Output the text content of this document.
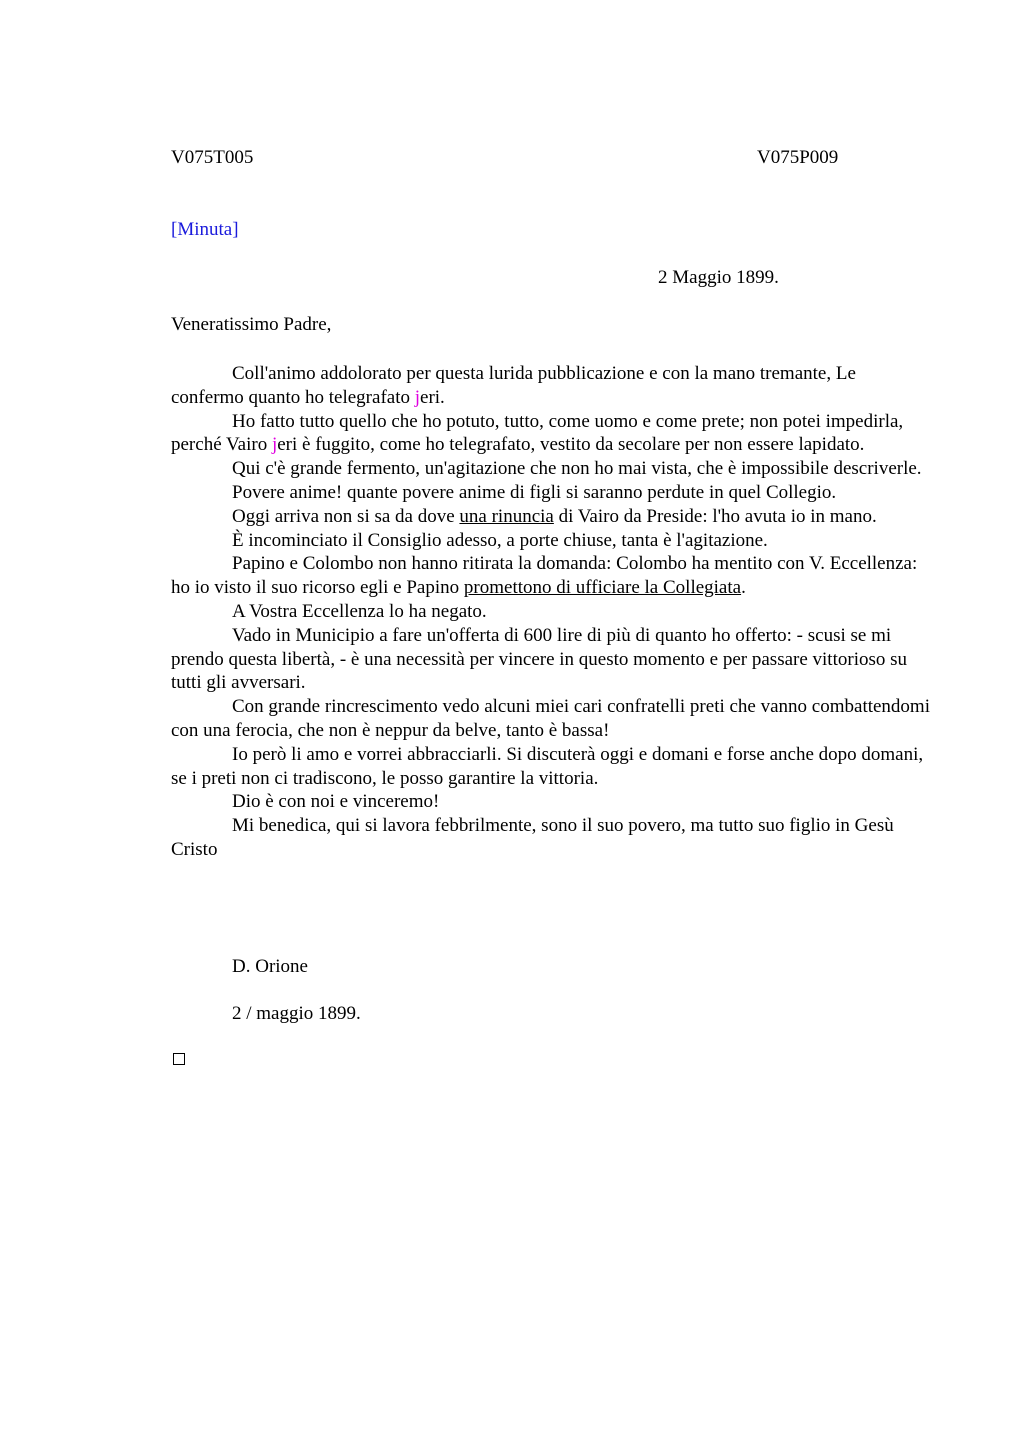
V075T005	V075P009
[Minuta]
2 Maggio 1899.
Veneratissimo Padre,

Coll'animo addolorato per questa lurida pubblicazione e con la mano tremante, Le confermo quanto ho telegrafato jeri.

Ho fatto tutto quello che ho potuto, tutto, come uomo e come prete; non potei impedirla, perché Vairo jeri è fuggito, come ho telegrafato, vestito da secolare per non essere lapidato.

Qui c'è grande fermento, un'agitazione che non ho mai vista, che è impossibile descriverle.

Povere anime! quante povere anime di figli si saranno perdute in quel Collegio.

Oggi arriva non si sa da dove una rinuncia di Vairo da Preside: l'ho avuta io in mano.

È incominciato il Consiglio adesso, a porte chiuse, tanta è l'agitazione.

Papino e Colombo non hanno ritirata la domanda: Colombo ha mentito con V. Eccellenza: ho io visto il suo ricorso egli e Papino promettono di ufficiare la Collegiata.

A Vostra Eccellenza lo ha negato.

Vado in Municipio a fare un'offerta di 600 lire di più di quanto ho offerto: - scusi se mi prendo questa libertà, - è una necessità per vincere in questo momento e per passare vittorioso su tutti gli avversari.

Con grande rincrescimento vedo alcuni miei cari confratelli preti che vanno combattendomi con una ferocia, che non è neppur da belve, tanto è bassa!

Io però li amo e vorrei abbracciarli. Si discuterà oggi e domani e forse anche dopo domani, se i preti non ci tradiscono, le posso garantire la vittoria.

Dio è con noi e vinceremo!

Mi benedica, qui si lavora febbrilmente, sono il suo povero, ma tutto suo figlio in Gesù Cristo

D. Orione
2 / maggio 1899.
